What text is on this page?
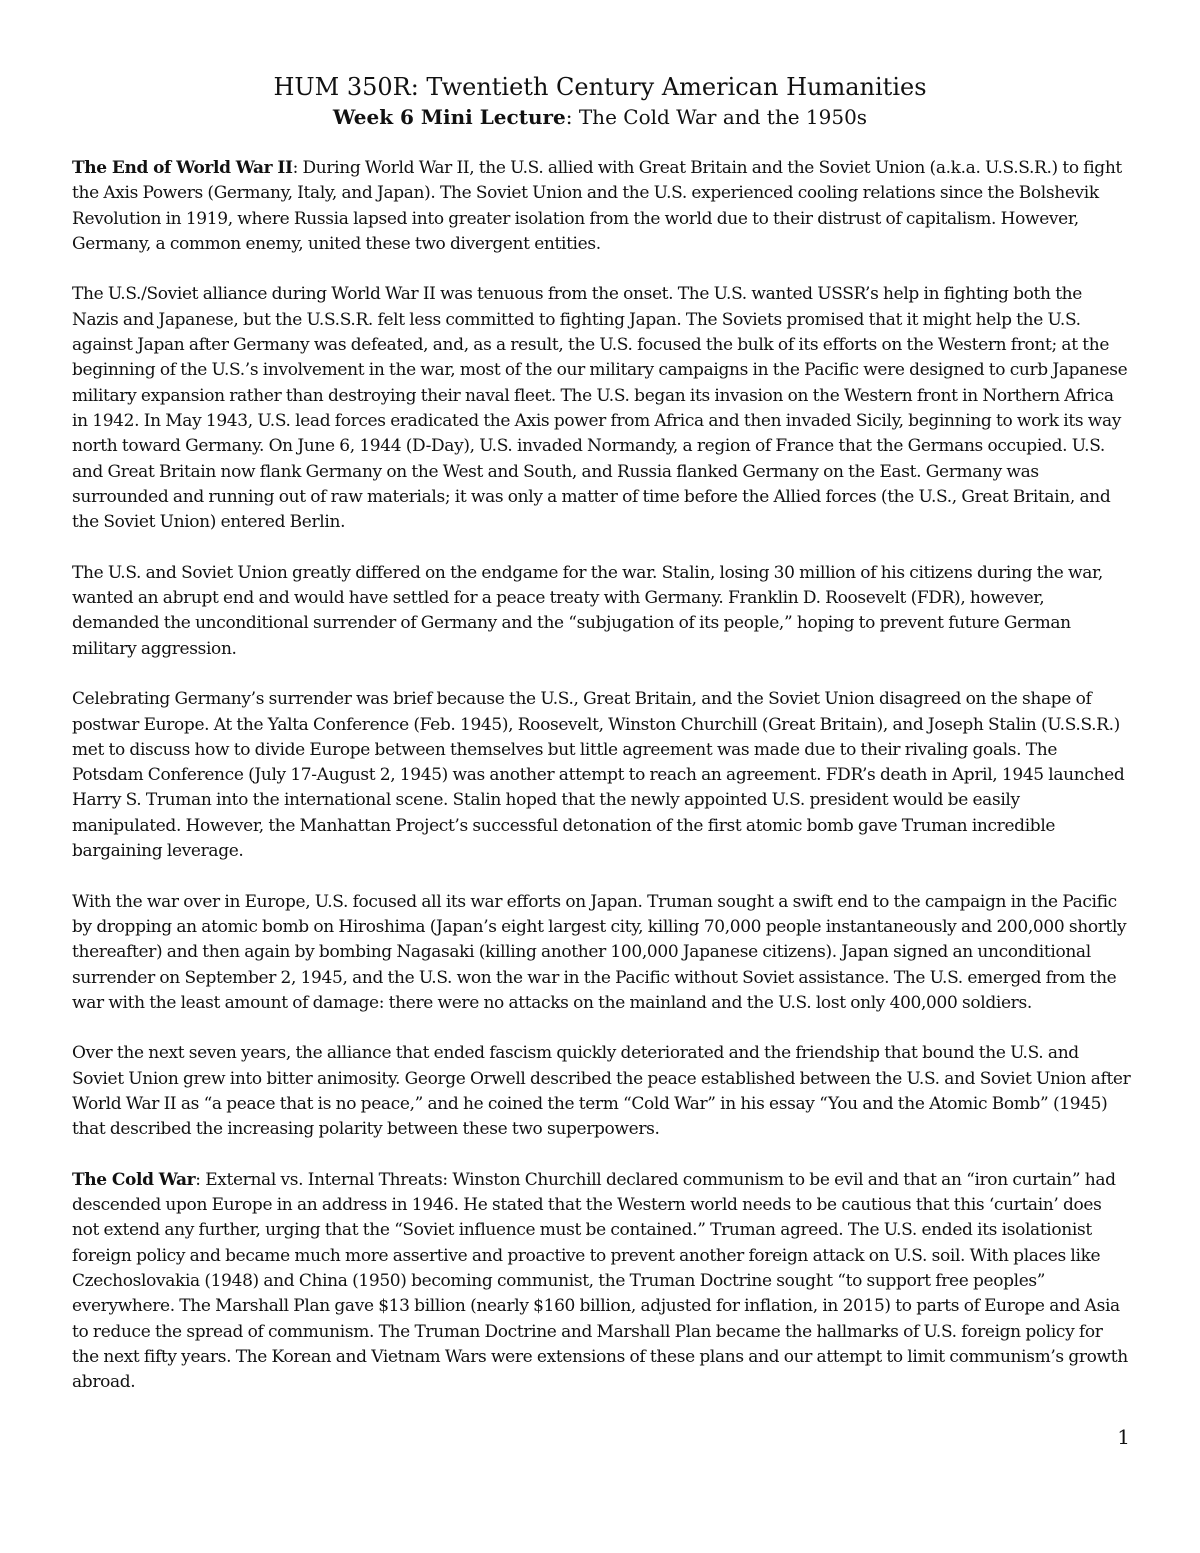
HUM 350R: Twentieth Century American Humanities
Week 6 Mini Lecture: The Cold War and the 1950s

The End of World War II: During World War II, the U.S. allied with Great Britain and the Soviet Union (a.k.a. U.S.S.R.) to fight the Axis Powers (Germany, Italy, and Japan). The Soviet Union and the U.S. experienced cooling relations since the Bolshevik Revolution in 1919, where Russia lapsed into greater isolation from the world due to their distrust of capitalism. However, Germany, a common enemy, united these two divergent entities.

The U.S./Soviet alliance during World War II was tenuous from the onset. The U.S. wanted USSR’s help in fighting both the Nazis and Japanese, but the U.S.S.R. felt less committed to fighting Japan. The Soviets promised that it might help the U.S. against Japan after Germany was defeated, and, as a result, the U.S. focused the bulk of its efforts on the Western front; at the beginning of the U.S.’s involvement in the war, most of the our military campaigns in the Pacific were designed to curb Japanese military expansion rather than destroying their naval fleet. The U.S. began its invasion on the Western front in Northern Africa in 1942. In May 1943, U.S. lead forces eradicated the Axis power from Africa and then invaded Sicily, beginning to work its way north toward Germany. On June 6, 1944 (D-Day), U.S. invaded Normandy, a region of France that the Germans occupied. U.S. and Great Britain now flank Germany on the West and South, and Russia flanked Germany on the East. Germany was surrounded and running out of raw materials; it was only a matter of time before the Allied forces (the U.S., Great Britain, and the Soviet Union) entered Berlin.

The U.S. and Soviet Union greatly differed on the endgame for the war. Stalin, losing 30 million of his citizens during the war, wanted an abrupt end and would have settled for a peace treaty with Germany. Franklin D. Roosevelt (FDR), however, demanded the unconditional surrender of Germany and the “subjugation of its people,” hoping to prevent future German military aggression.

Celebrating Germany’s surrender was brief because the U.S., Great Britain, and the Soviet Union disagreed on the shape of postwar Europe. At the Yalta Conference (Feb. 1945), Roosevelt, Winston Churchill (Great Britain), and Joseph Stalin (U.S.S.R.) met to discuss how to divide Europe between themselves but little agreement was made due to their rivaling goals. The Potsdam Conference (July 17-August 2, 1945) was another attempt to reach an agreement. FDR’s death in April, 1945 launched Harry S. Truman into the international scene. Stalin hoped that the newly appointed U.S. president would be easily manipulated. However, the Manhattan Project’s successful detonation of the first atomic bomb gave Truman incredible bargaining leverage.

With the war over in Europe, U.S. focused all its war efforts on Japan. Truman sought a swift end to the campaign in the Pacific by dropping an atomic bomb on Hiroshima (Japan’s eight largest city, killing 70,000 people instantaneously and 200,000 shortly thereafter) and then again by bombing Nagasaki (killing another 100,000 Japanese citizens). Japan signed an unconditional surrender on September 2, 1945, and the U.S. won the war in the Pacific without Soviet assistance. The U.S. emerged from the war with the least amount of damage: there were no attacks on the mainland and the U.S. lost only 400,000 soldiers.

Over the next seven years, the alliance that ended fascism quickly deteriorated and the friendship that bound the U.S. and Soviet Union grew into bitter animosity. George Orwell described the peace established between the U.S. and Soviet Union after World War II as “a peace that is no peace,” and he coined the term “Cold War” in his essay “You and the Atomic Bomb” (1945) that described the increasing polarity between these two superpowers.

The Cold War: External vs. Internal Threats: Winston Churchill declared communism to be evil and that an “iron curtain” had descended upon Europe in an address in 1946. He stated that the Western world needs to be cautious that this ‘curtain’ does not extend any further, urging that the “Soviet influence must be contained.” Truman agreed. The U.S. ended its isolationist foreign policy and became much more assertive and proactive to prevent another foreign attack on U.S. soil. With places like Czechoslovakia (1948) and China (1950) becoming communist, the Truman Doctrine sought “to support free peoples” everywhere. The Marshall Plan gave $13 billion (nearly $160 billion, adjusted for inflation, in 2015) to parts of Europe and Asia to reduce the spread of communism. The Truman Doctrine and Marshall Plan became the hallmarks of U.S. foreign policy for the next fifty years. The Korean and Vietnam Wars were extensions of these plans and our attempt to limit communism’s growth abroad.

1
